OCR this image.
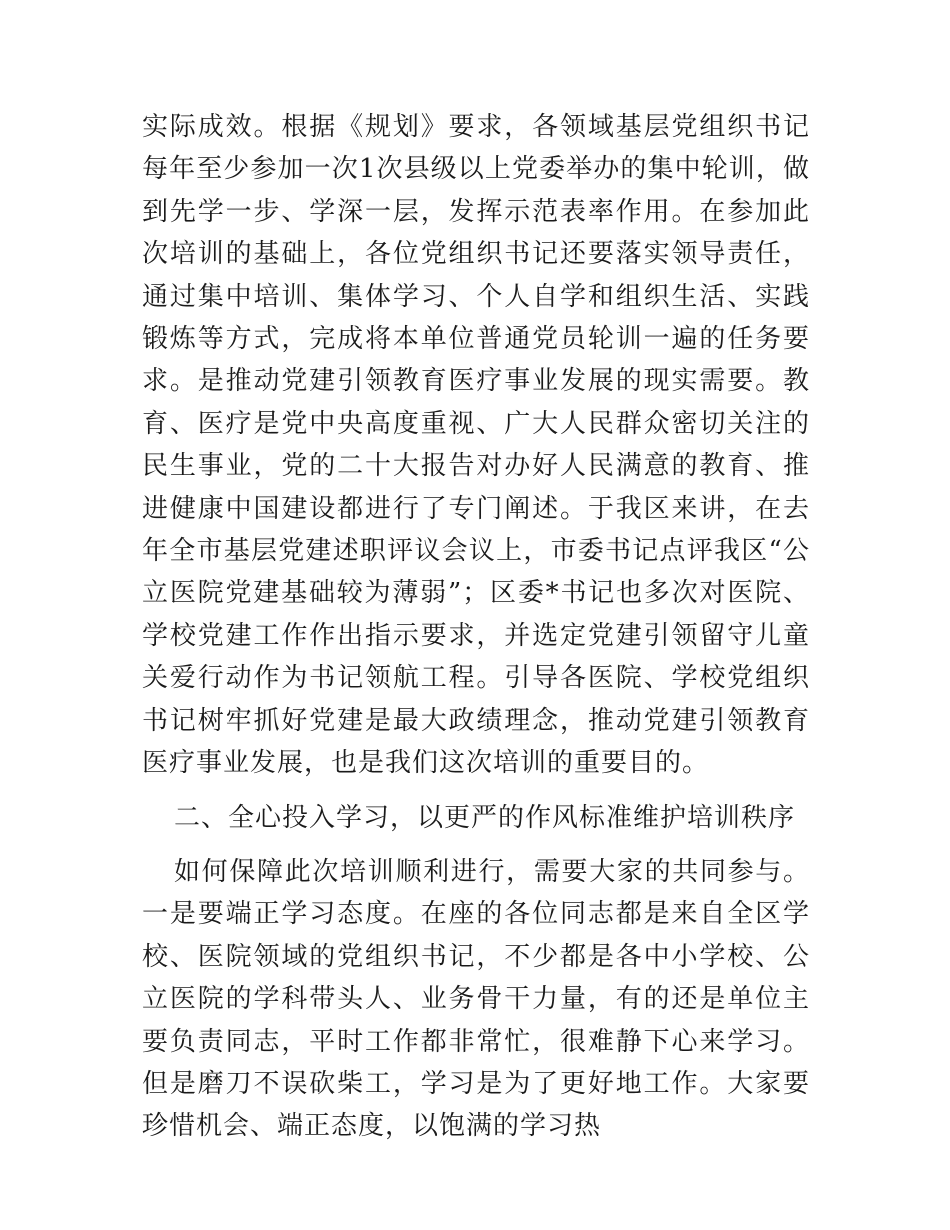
实际成效。根据《规划》要求，各领域基层党组织书记每年至少参加一次1次县级以上党委举办的集中轮训，做到先学一步、学深一层，发挥示范表率作用。在参加此次培训的基础上，各位党组织书记还要落实领导责任，通过集中培训、集体学习、个人自学和组织生活、实践锻炼等方式，完成将本单位普通党员轮训一遍的任务要求。是推动党建引领教育医疗事业发展的现实需要。教育、医疗是党中央高度重视、广大人民群众密切关注的民生事业，党的二十大报告对办好人民满意的教育、推进健康中国建设都进行了专门阐述。于我区来讲，在去年全市基层党建述职评议会议上，市委书记点评我区“公立医院党建基础较为薄弱”；区委*书记也多次对医院、学校党建工作作出指示要求，并选定党建引领留守儿童关爱行动作为书记领航工程。引导各医院、学校党组织书记树牢抓好党建是最大政绩理念，推动党建引领教育医疗事业发展，也是我们这次培训的重要目的。

二、全心投入学习，以更严的作风标准维护培训秩序

如何保障此次培训顺利进行，需要大家的共同参与。一是要端正学习态度。在座的各位同志都是来自全区学校、医院领域的党组织书记，不少都是各中小学校、公立医院的学科带头人、业务骨干力量，有的还是单位主要负责同志，平时工作都非常忙，很难静下心来学习。但是磨刀不误砍柴工，学习是为了更好地工作。大家要珍惜机会、端正态度，以饱满的学习热
